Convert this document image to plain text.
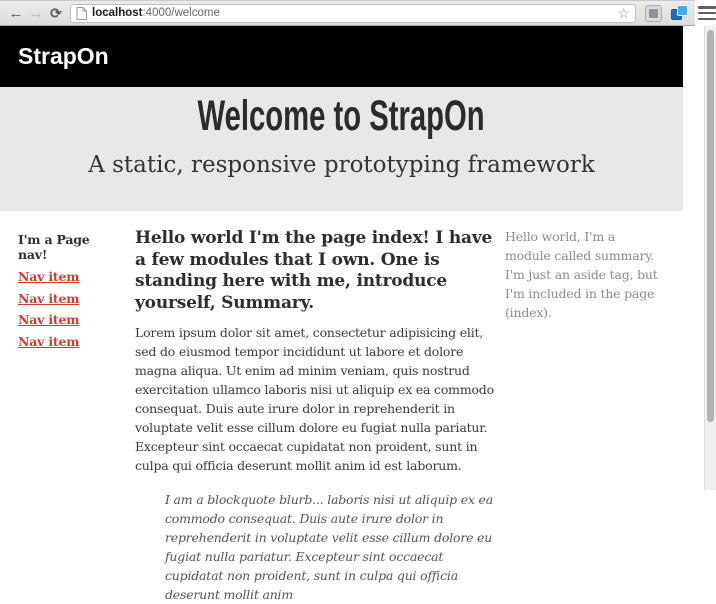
← → ⟳	localhost:4000/welcome	☆
StrapOn
Welcome to StrapOn
A static, responsive prototyping framework
I'm a Page nav!
Nav item
Nav item
Nav item
Nav item
Hello world I'm the page index! I have a few modules that I own. One is standing here with me, introduce yourself, Summary.

Lorem ipsum dolor sit amet, consectetur adipisicing elit, sed do eiusmod tempor incididunt ut labore et dolore magna aliqua. Ut enim ad minim veniam, quis nostrud exercitation ullamco laboris nisi ut aliquip ex ea commodo consequat. Duis aute irure dolor in reprehenderit in voluptate velit esse cillum dolore eu fugiat nulla pariatur. Excepteur sint occaecat cupidatat non proident, sunt in culpa qui officia deserunt mollit anim id est laborum.

I am a blockquote blurb... laboris nisi ut aliquip ex ea commodo consequat. Duis aute irure dolor in reprehenderit in voluptate velit esse cillum dolore eu fugiat nulla pariatur. Excepteur sint occaecat cupidatat non proident, sunt in culpa qui officia deserunt mollit anim
Hello world, I'm a module called summary. I'm just an aside tag, but I'm included in the page (index).
